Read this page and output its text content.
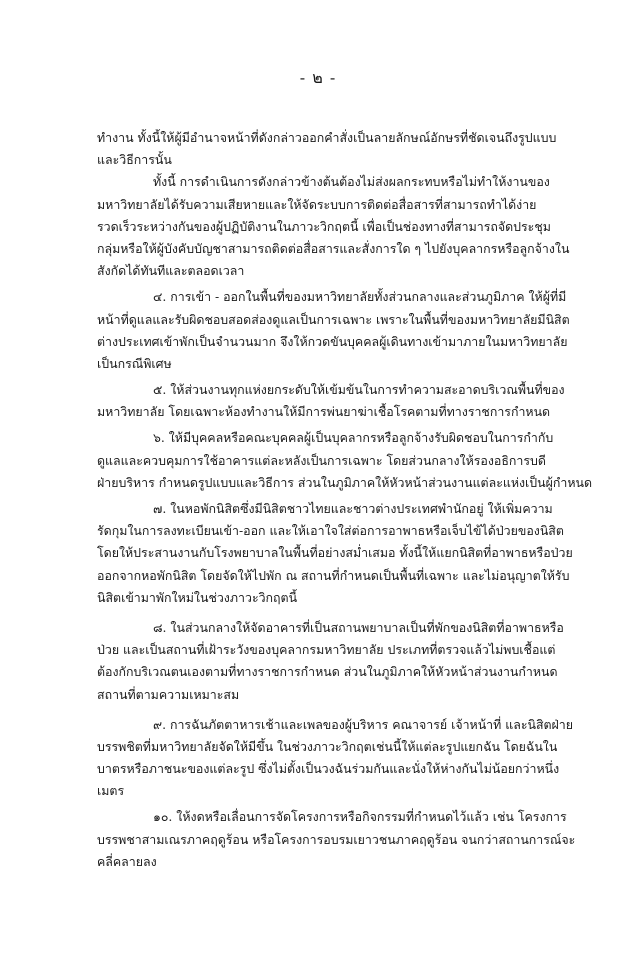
- ๒ -
ทำงาน ทั้งนี้ให้ผู้มีอำนาจหน้าที่ดังกล่าวออกคำสั่งเป็นลายลักษณ์อักษรที่ชัดเจนถึงรูปแบบ
และวิธีการนั้น
ทั้งนี้ การดำเนินการดังกล่าวข้างต้นต้องไม่ส่งผลกระทบหรือไม่ทำให้งานของ
มหาวิทยาลัยได้รับความเสียหายและให้จัดระบบการติดต่อสื่อสารที่สามารถทำได้ง่าย
รวดเร็วระหว่างกันของผู้ปฏิบัติงานในภาวะวิกฤตนี้ เพื่อเป็นช่องทางที่สามารถจัดประชุม
กลุ่มหรือให้ผู้บังคับบัญชาสามารถติดต่อสื่อสารและสั่งการใด ๆ ไปยังบุคลากรหรือลูกจ้างใน
สังกัดได้ทันทีและตลอดเวลา
๔. การเข้า - ออกในพื้นที่ของมหาวิทยาลัยทั้งส่วนกลางและส่วนภูมิภาค ให้ผู้ที่มี
หน้าที่ดูแลและรับผิดชอบสอดส่องดูแลเป็นการเฉพาะ เพราะในพื้นที่ของมหาวิทยาลัยมีนิสิต
ต่างประเทศเข้าพักเป็นจำนวนมาก จึงให้กวดขันบุคคลผู้เดินทางเข้ามาภายในมหาวิทยาลัย
เป็นกรณีพิเศษ
๕. ให้ส่วนงานทุกแห่งยกระดับให้เข้มข้นในการทำความสะอาดบริเวณพื้นที่ของ
มหาวิทยาลัย โดยเฉพาะห้องทำงานให้มีการพ่นยาฆ่าเชื้อโรคตามที่ทางราชการกำหนด
๖. ให้มีบุคคลหรือคณะบุคคลผู้เป็นบุคลากรหรือลูกจ้างรับผิดชอบในการกำกับ
ดูแลและควบคุมการใช้อาคารแต่ละหลังเป็นการเฉพาะ โดยส่วนกลางให้รองอธิการบดี
ฝ่ายบริหาร กำหนดรูปแบบและวิธีการ ส่วนในภูมิภาคให้หัวหน้าส่วนงานแต่ละแห่งเป็นผู้กำหนด
๗. ในหอพักนิสิตซึ่งมีนิสิตชาวไทยและชาวต่างประเทศพำนักอยู่ ให้เพิ่มความ
รัดกุมในการลงทะเบียนเข้า-ออก และให้เอาใจใส่ต่อการอาพาธหรือเจ็บไข้ได้ป่วยของนิสิต
โดยให้ประสานงานกับโรงพยาบาลในพื้นที่อย่างสม่ำเสมอ ทั้งนี้ให้แยกนิสิตที่อาพาธหรือป่วย
ออกจากหอพักนิสิต โดยจัดให้ไปพัก ณ สถานที่กำหนดเป็นพื้นที่เฉพาะ และไม่อนุญาตให้รับ
นิสิตเข้ามาพักใหม่ในช่วงภาวะวิกฤตนี้
๘. ในส่วนกลางให้จัดอาคารที่เป็นสถานพยาบาลเป็นที่พักของนิสิตที่อาพาธหรือ
ป่วย และเป็นสถานที่เฝ้าระวังของบุคลากรมหาวิทยาลัย ประเภทที่ตรวจแล้วไม่พบเชื้อแต่
ต้องกักบริเวณตนเองตามที่ทางราชการกำหนด ส่วนในภูมิภาคให้หัวหน้าส่วนงานกำหนด
สถานที่ตามความเหมาะสม
๙. การฉันภัตตาหารเช้าและเพลของผู้บริหาร คณาจารย์ เจ้าหน้าที่ และนิสิตฝ่าย
บรรพชิตที่มหาวิทยาลัยจัดให้มีขึ้น ในช่วงภาวะวิกฤตเช่นนี้ให้แต่ละรูปแยกฉัน โดยฉันใน
บาตรหรือภาชนะของแต่ละรูป ซึ่งไม่ตั้งเป็นวงฉันร่วมกันและนั่งให้ห่างกันไม่น้อยกว่าหนึ่ง
เมตร
๑๐. ให้งดหรือเลื่อนการจัดโครงการหรือกิจกรรมที่กำหนดไว้แล้ว เช่น โครงการ
บรรพชาสามเณรภาคฤดูร้อน หรือโครงการอบรมเยาวชนภาคฤดูร้อน จนกว่าสถานการณ์จะ
คลี่คลายลง
